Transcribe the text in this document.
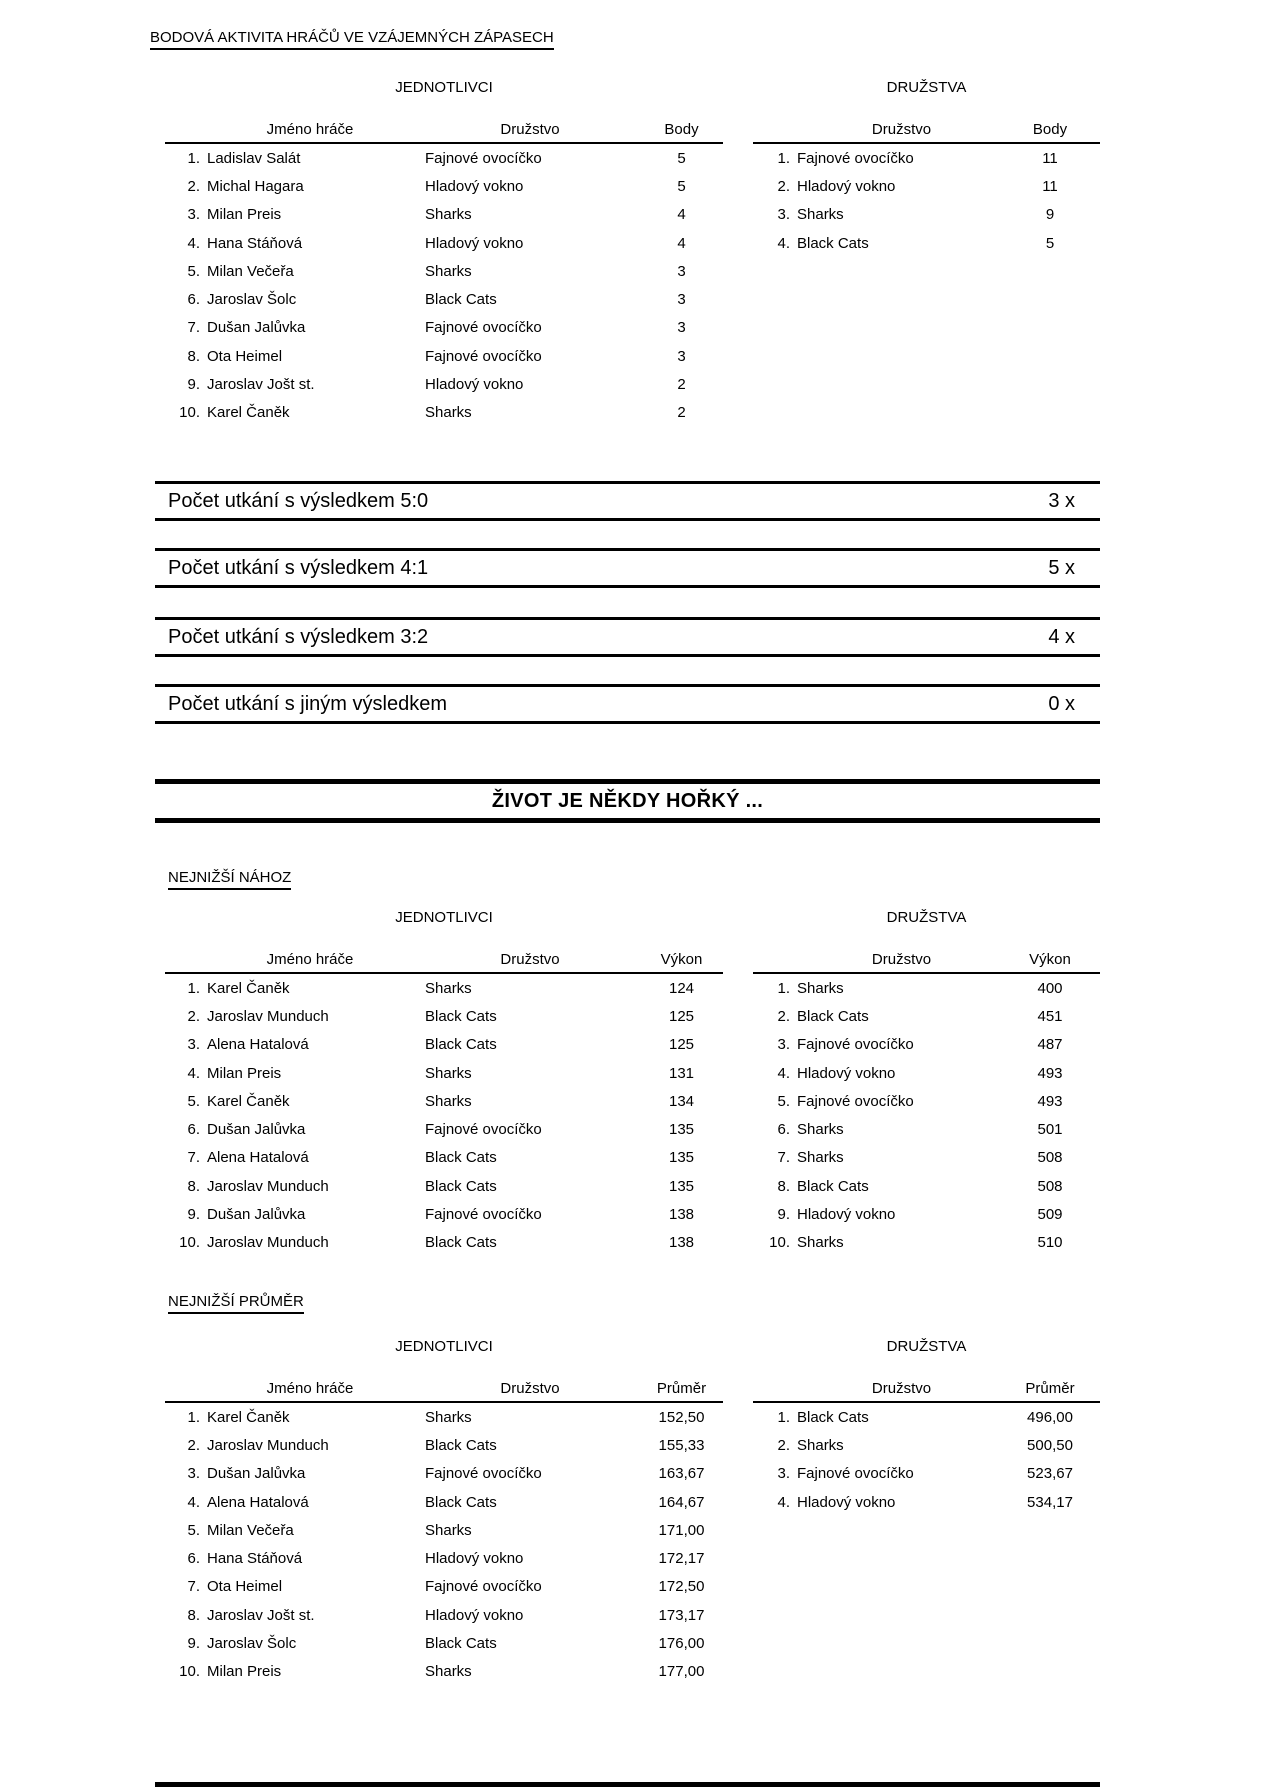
BODOVÁ AKTIVITA HRÁČŮ VE VZÁJEMNÝCH ZÁPASECH
JEDNOTLIVCI
Jméno hráče	Družstvo	Body
1. Ladislav Salát	Fajnové ovocíčko	5
2. Michal Hagara	Hladový vokno	5
3. Milan Preis	Sharks	4
4. Hana Stáňová	Hladový vokno	4
5. Milan Večeřa	Sharks	3
6. Jaroslav Šolc	Black Cats	3
7. Dušan Jalůvka	Fajnové ovocíčko	3
8. Ota Heimel	Fajnové ovocíčko	3
9. Jaroslav Jošt st.	Hladový vokno	2
10. Karel Čaněk	Sharks	2
DRUŽSTVA
Družstvo	Body
1. Fajnové ovocíčko	11
2. Hladový vokno	11
3. Sharks	9
4. Black Cats	5
Počet utkání s výsledkem 5:0	3 x
Počet utkání s výsledkem 4:1	5 x
Počet utkání s výsledkem 3:2	4 x
Počet utkání s jiným výsledkem	0 x
ŽIVOT JE NĚKDY HOŘKÝ ...
NEJNIŽŠÍ NÁHOZ
JEDNOTLIVCI
Jméno hráče	Družstvo	Výkon
1. Karel Čaněk	Sharks	124
2. Jaroslav Munduch	Black Cats	125
3. Alena Hatalová	Black Cats	125
4. Milan Preis	Sharks	131
5. Karel Čaněk	Sharks	134
6. Dušan Jalůvka	Fajnové ovocíčko	135
7. Alena Hatalová	Black Cats	135
8. Jaroslav Munduch	Black Cats	135
9. Dušan Jalůvka	Fajnové ovocíčko	138
10. Jaroslav Munduch	Black Cats	138
DRUŽSTVA
Družstvo	Výkon
1. Sharks	400
2. Black Cats	451
3. Fajnové ovocíčko	487
4. Hladový vokno	493
5. Fajnové ovocíčko	493
6. Sharks	501
7. Sharks	508
8. Black Cats	508
9. Hladový vokno	509
10. Sharks	510
NEJNIŽŠÍ PRŮMĚR
JEDNOTLIVCI
Jméno hráče	Družstvo	Průměr
1. Karel Čaněk	Sharks	152,50
2. Jaroslav Munduch	Black Cats	155,33
3. Dušan Jalůvka	Fajnové ovocíčko	163,67
4. Alena Hatalová	Black Cats	164,67
5. Milan Večeřa	Sharks	171,00
6. Hana Stáňová	Hladový vokno	172,17
7. Ota Heimel	Fajnové ovocíčko	172,50
8. Jaroslav Jošt st.	Hladový vokno	173,17
9. Jaroslav Šolc	Black Cats	176,00
10. Milan Preis	Sharks	177,00
DRUŽSTVA
Družstvo	Průměr
1. Black Cats	496,00
2. Sharks	500,50
3. Fajnové ovocíčko	523,67
4. Hladový vokno	534,17
